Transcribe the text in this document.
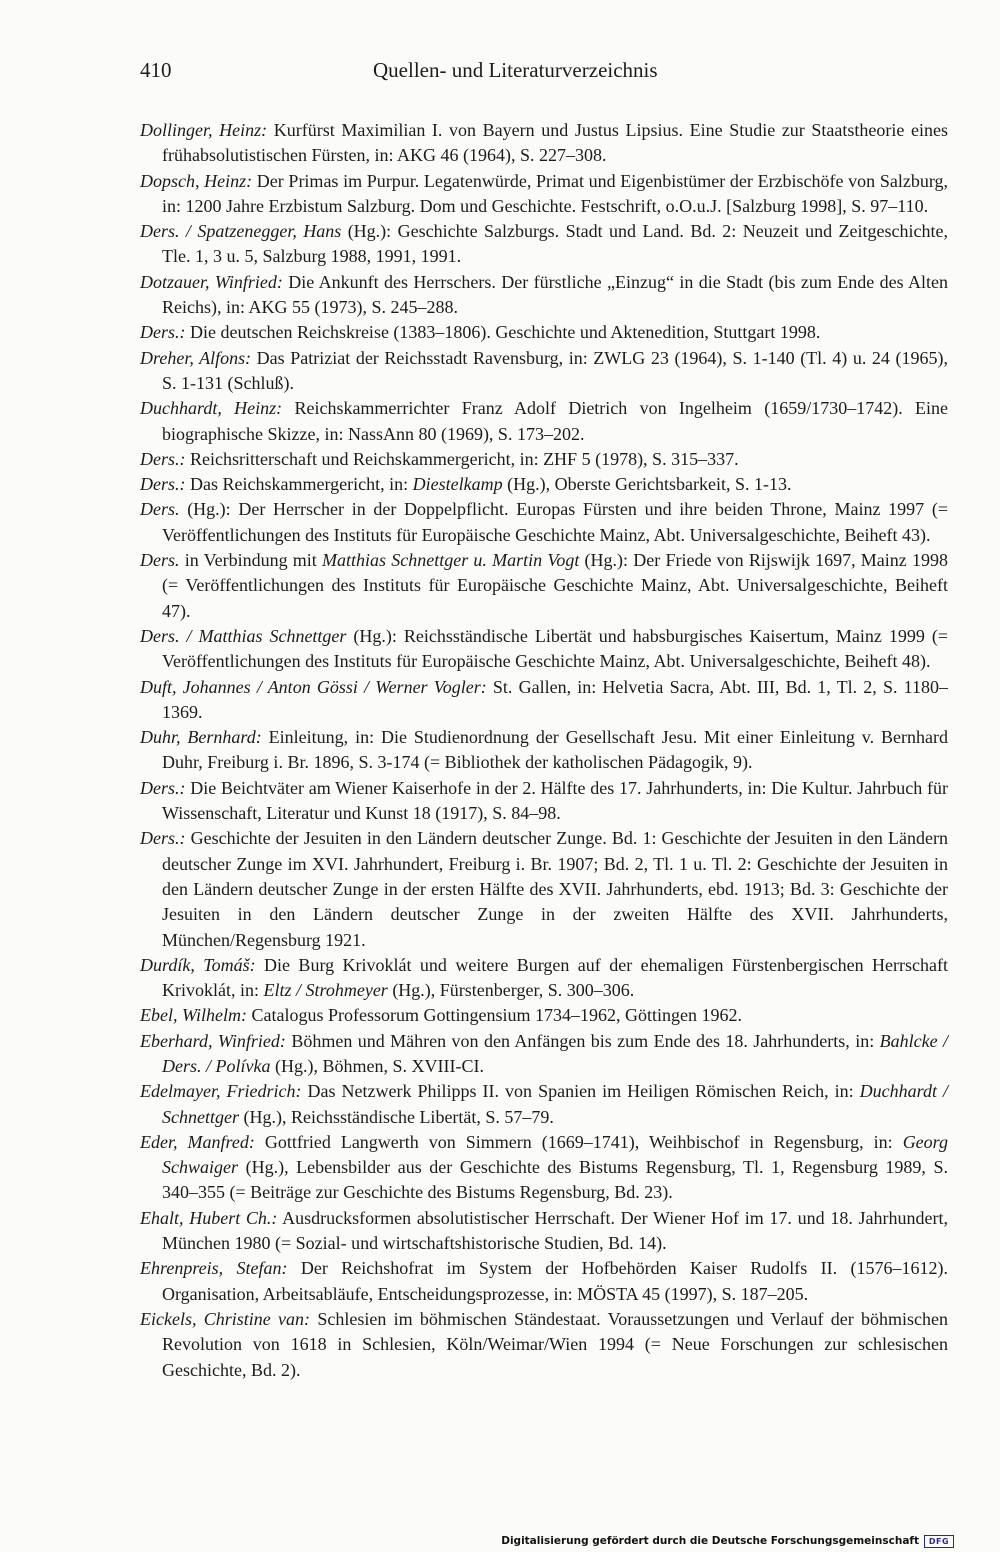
410	Quellen- und Literaturverzeichnis

Dollinger, Heinz: Kurfürst Maximilian I. von Bayern und Justus Lipsius. Eine Studie zur Staatstheorie eines frühabsolutistischen Fürsten, in: AKG 46 (1964), S. 227–308.

Dopsch, Heinz: Der Primas im Purpur. Legatenwürde, Primat und Eigenbistümer der Erzbischöfe von Salzburg, in: 1200 Jahre Erzbistum Salzburg. Dom und Geschichte. Festschrift, o.O.u.J. [Salzburg 1998], S. 97–110.

Ders. / Spatzenegger, Hans (Hg.): Geschichte Salzburgs. Stadt und Land. Bd. 2: Neuzeit und Zeitgeschichte, Tle. 1, 3 u. 5, Salzburg 1988, 1991, 1991.

Dotzauer, Winfried: Die Ankunft des Herrschers. Der fürstliche „Einzug“ in die Stadt (bis zum Ende des Alten Reichs), in: AKG 55 (1973), S. 245–288.

Ders.: Die deutschen Reichskreise (1383–1806). Geschichte und Aktenedition, Stuttgart 1998.

Dreher, Alfons: Das Patriziat der Reichsstadt Ravensburg, in: ZWLG 23 (1964), S. 1-140 (Tl. 4) u. 24 (1965), S. 1-131 (Schluß).

Duchhardt, Heinz: Reichskammerrichter Franz Adolf Dietrich von Ingelheim (1659/1730–1742). Eine biographische Skizze, in: NassAnn 80 (1969), S. 173–202.

Ders.: Reichsritterschaft und Reichskammergericht, in: ZHF 5 (1978), S. 315–337.

Ders.: Das Reichskammergericht, in: Diestelkamp (Hg.), Oberste Gerichtsbarkeit, S. 1-13.

Ders. (Hg.): Der Herrscher in der Doppelpflicht. Europas Fürsten und ihre beiden Throne, Mainz 1997 (= Veröffentlichungen des Instituts für Europäische Geschichte Mainz, Abt. Universalgeschichte, Beiheft 43).

Ders. in Verbindung mit Matthias Schnettger u. Martin Vogt (Hg.): Der Friede von Rijswijk 1697, Mainz 1998 (= Veröffentlichungen des Instituts für Europäische Geschichte Mainz, Abt. Universalgeschichte, Beiheft 47).

Ders. / Matthias Schnettger (Hg.): Reichsständische Libertät und habsburgisches Kaisertum, Mainz 1999 (= Veröffentlichungen des Instituts für Europäische Geschichte Mainz, Abt. Universalgeschichte, Beiheft 48).

Duft, Johannes / Anton Gössi / Werner Vogler: St. Gallen, in: Helvetia Sacra, Abt. III, Bd. 1, Tl. 2, S. 1180–1369.

Duhr, Bernhard: Einleitung, in: Die Studienordnung der Gesellschaft Jesu. Mit einer Einleitung v. Bernhard Duhr, Freiburg i. Br. 1896, S. 3-174 (= Bibliothek der katholischen Pädagogik, 9).

Ders.: Die Beichtväter am Wiener Kaiserhofe in der 2. Hälfte des 17. Jahrhunderts, in: Die Kultur. Jahrbuch für Wissenschaft, Literatur und Kunst 18 (1917), S. 84–98.

Ders.: Geschichte der Jesuiten in den Ländern deutscher Zunge. Bd. 1: Geschichte der Jesuiten in den Ländern deutscher Zunge im XVI. Jahrhundert, Freiburg i. Br. 1907; Bd. 2, Tl. 1 u. Tl. 2: Geschichte der Jesuiten in den Ländern deutscher Zunge in der ersten Hälfte des XVII. Jahrhunderts, ebd. 1913; Bd. 3: Geschichte der Jesuiten in den Ländern deutscher Zunge in der zweiten Hälfte des XVII. Jahrhunderts, München/Regensburg 1921.

Durdík, Tomáš: Die Burg Krivoklát und weitere Burgen auf der ehemaligen Fürstenbergischen Herrschaft Krivoklát, in: Eltz / Strohmeyer (Hg.), Fürstenberger, S. 300–306.

Ebel, Wilhelm: Catalogus Professorum Gottingensium 1734–1962, Göttingen 1962.

Eberhard, Winfried: Böhmen und Mähren von den Anfängen bis zum Ende des 18. Jahrhunderts, in: Bahlcke / Ders. / Polívka (Hg.), Böhmen, S. XVIII-CI.

Edelmayer, Friedrich: Das Netzwerk Philipps II. von Spanien im Heiligen Römischen Reich, in: Duchhardt / Schnettger (Hg.), Reichsständische Libertät, S. 57–79.

Eder, Manfred: Gottfried Langwerth von Simmern (1669–1741), Weihbischof in Regensburg, in: Georg Schwaiger (Hg.), Lebensbilder aus der Geschichte des Bistums Regensburg, Tl. 1, Regensburg 1989, S. 340–355 (= Beiträge zur Geschichte des Bistums Regensburg, Bd. 23).

Ehalt, Hubert Ch.: Ausdrucksformen absolutistischer Herrschaft. Der Wiener Hof im 17. und 18. Jahrhundert, München 1980 (= Sozial- und wirtschaftshistorische Studien, Bd. 14).

Ehrenpreis, Stefan: Der Reichshofrat im System der Hofbehörden Kaiser Rudolfs II. (1576–1612). Organisation, Arbeitsabläufe, Entscheidungsprozesse, in: MÖSTA 45 (1997), S. 187–205.

Eickels, Christine van: Schlesien im böhmischen Ständestaat. Voraussetzungen und Verlauf der böhmischen Revolution von 1618 in Schlesien, Köln/Weimar/Wien 1994 (= Neue Forschungen zur schlesischen Geschichte, Bd. 2).

Digitalisierung gefördert durch die Deutsche Forschungsgemeinschaft	DFG
